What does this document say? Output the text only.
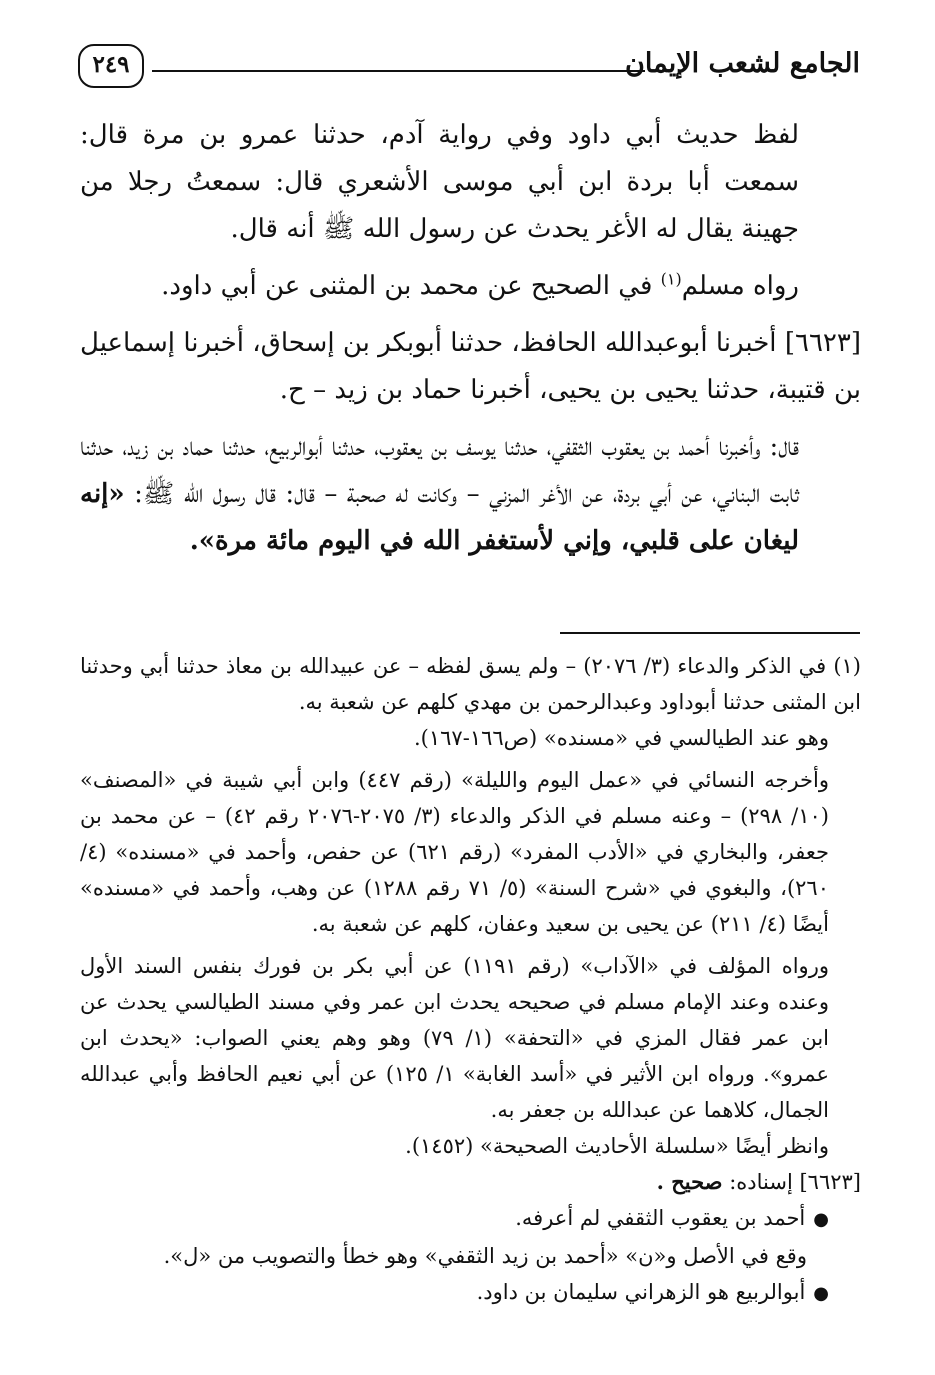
الجامع لشعب الإيمان
٢٤٩

لفظ حديث أبي داود وفي رواية آدم، حدثنا عمرو بن مرة قال: سمعت أبا بردة ابن أبي موسى الأشعري قال: سمعتُ رجلا من جهينة يقال له الأغر يحدث عن رسول الله ﷺ أنه قال.

رواه مسلم$^{(١)}$ في الصحيح عن محمد بن المثنى عن أبي داود.

[٦٦٢٣] أخبرنا أبوعبدالله الحافظ، حدثنا أبوبكر بن إسحاق، أخبرنا إسماعيل بن قتيبة، حدثنا يحيى بن يحيى، أخبرنا حماد بن زيد – ح.

قال: وأخبرنا أحمد بن يعقوب الثقفي، حدثنا يوسف بن يعقوب، حدثنا أبوالربيع، حدثنا حماد بن زيد، حدثنا ثابت البناني، عن أبي بردة، عن الأغر المزني – وكانت له صحبة – قال: قال رسول الله ﷺ: «إنه ليغان على قلبي، وإني لأستغفر الله في اليوم مائة مرة».

(١) في الذكر والدعاء (٣/ ٢٠٧٦) – ولم يسق لفظه – عن عبيدالله بن معاذ حدثنا أبي وحدثنا ابن المثنى حدثنا أبوداود وعبدالرحمن بن مهدي كلهم عن شعبة به.

وهو عند الطيالسي في «مسنده» (ص١٦٦-١٦٧).

وأخرجه النسائي في «عمل اليوم والليلة» (رقم ٤٤٧) وابن أبي شيبة في «المصنف» (١٠/ ٢٩٨) – وعنه مسلم في الذكر والدعاء (٣/ ٢٠٧٥-٢٠٧٦ رقم ٤٢) – عن محمد بن جعفر، والبخاري في «الأدب المفرد» (رقم ٦٢١) عن حفص، وأحمد في «مسنده» (٤/ ٢٦٠)، والبغوي في «شرح السنة» (٥/ ٧١ رقم ١٢٨٨) عن وهب، وأحمد في «مسنده» أيضًا (٤/ ٢١١) عن يحيى بن سعيد وعفان، كلهم عن شعبة به.

ورواه المؤلف في «الآداب» (رقم ١١٩١) عن أبي بكر بن فورك بنفس السند الأول وعنده وعند الإمام مسلم في صحيحه يحدث ابن عمر وفي مسند الطيالسي يحدث عن ابن عمر فقال المزي في «التحفة» (١/ ٧٩) وهو وهم يعني الصواب: «يحدث ابن عمرو». ورواه ابن الأثير في «أسد الغابة» ١/ ١٢٥) عن أبي نعيم الحافظ وأبي عبدالله الجمال، كلاهما عن عبدالله بن جعفر به.

وانظر أيضًا «سلسلة الأحاديث الصحيحة» (١٤٥٢).

[٦٦٢٣] إسناده: صحيح .

●أحمد بن يعقوب الثقفي لم أعرفه.

وقع في الأصل و«ن» «أحمد بن زيد الثقفي» وهو خطأ والتصويب من «ل».

●أبوالربيع هو الزهراني سليمان بن داود.
